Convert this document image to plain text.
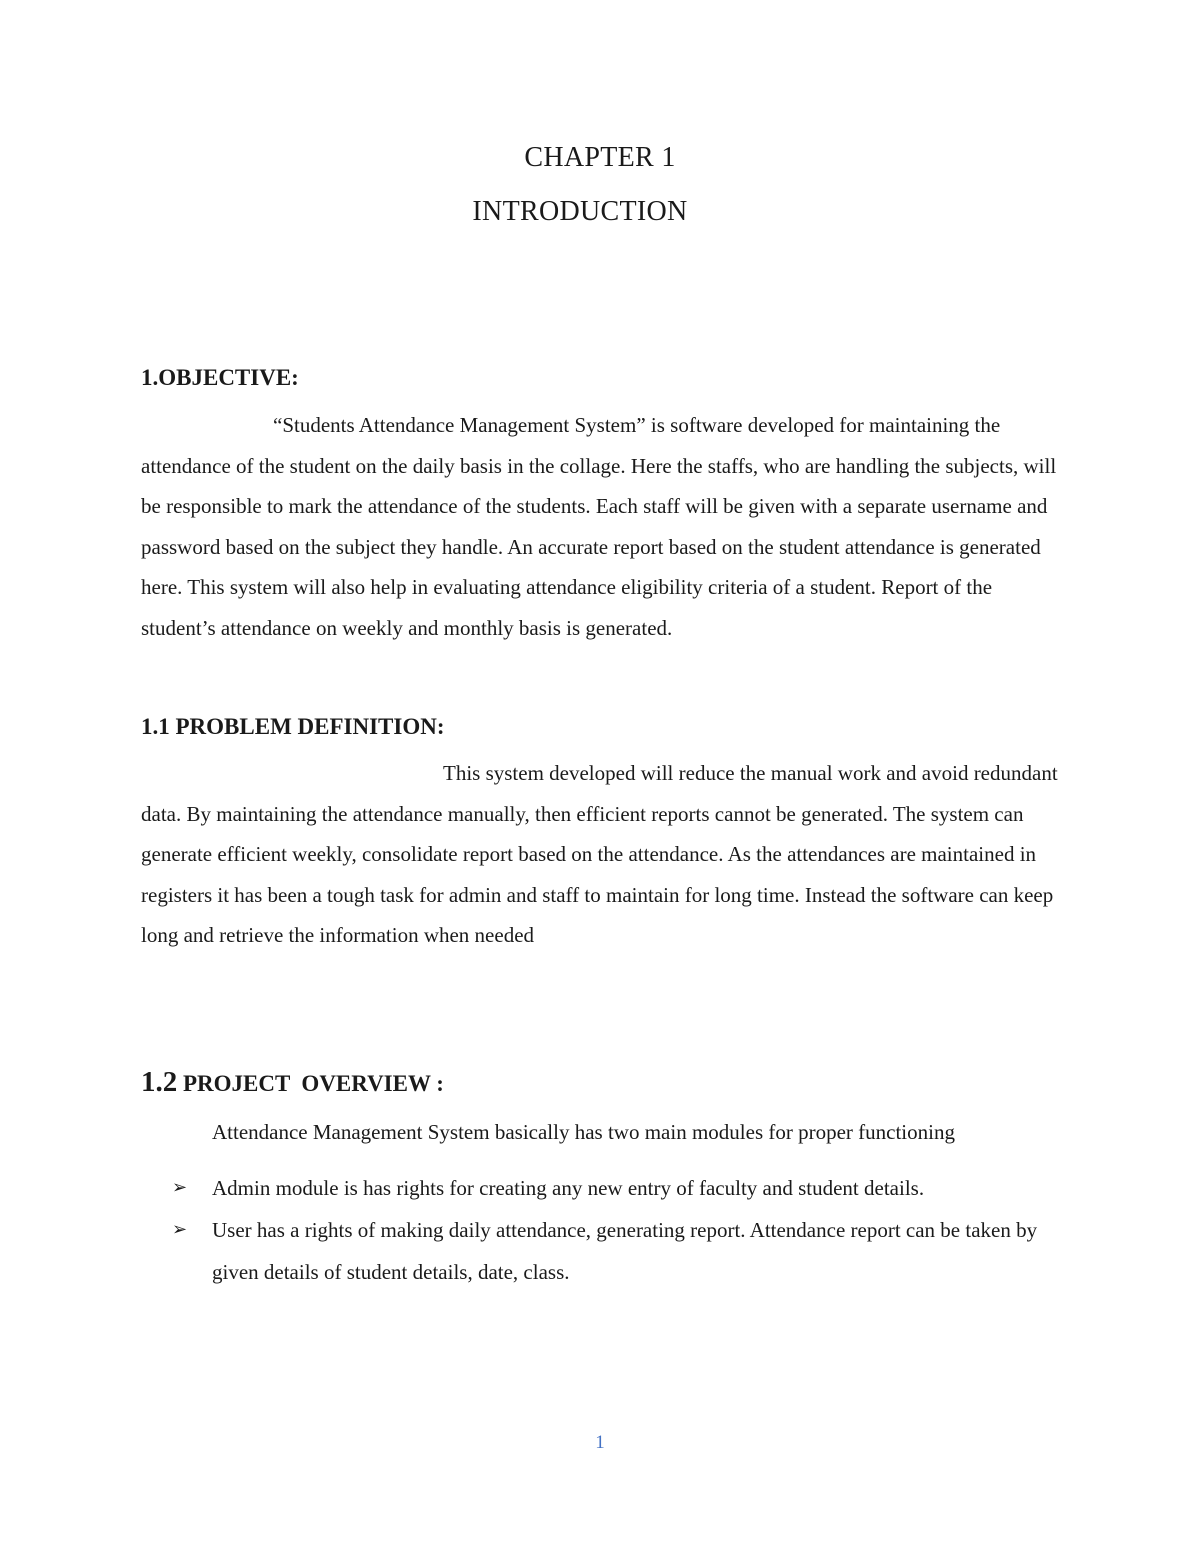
CHAPTER 1
INTRODUCTION
1.OBJECTIVE:

“Students Attendance Management System” is software developed for maintaining the attendance of the student on the daily basis in the collage. Here the staffs, who are handling the subjects, will be responsible to mark the attendance of the students. Each staff will be given with a separate username and password based on the subject they handle. An accurate report based on the student attendance is generated here. This system will also help in evaluating attendance eligibility criteria of a student. Report of the student’s attendance on weekly and monthly basis is generated.

1.1 PROBLEM DEFINITION:

This system developed will reduce the manual work and avoid redundant data. By maintaining the attendance manually, then efficient reports cannot be generated. The system can generate efficient weekly, consolidate report based on the attendance. As the attendances are maintained in registers it has been a tough task for admin and staff to maintain for long time. Instead the software can keep long and retrieve the information when needed

1.2 PROJECT  OVERVIEW :

Attendance Management System basically has two main modules for proper functioning

➢ Admin module is has rights for creating any new entry of faculty and student details.
➢ User has a rights of making daily attendance, generating report. Attendance report can be taken by given details of student details, date, class.
1
